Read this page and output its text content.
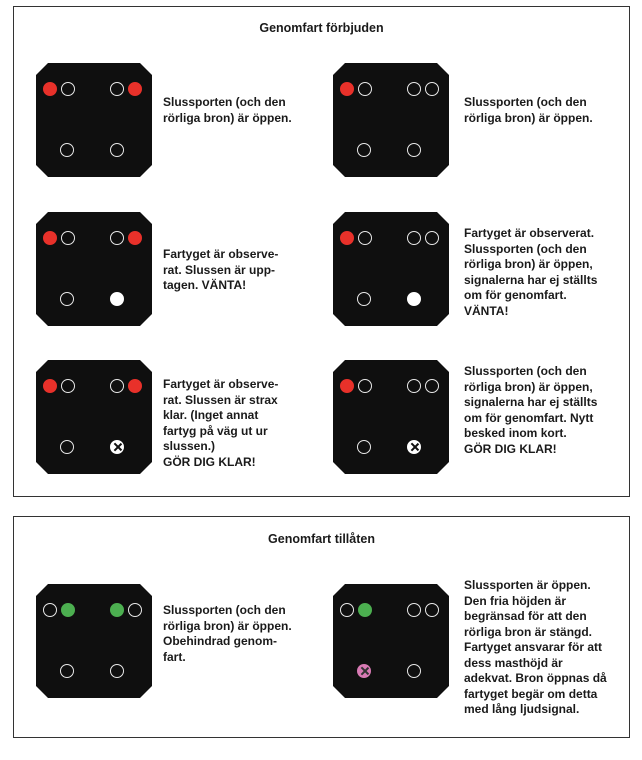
Genomfart förbjuden
Slussporten (och den
rörliga bron) är öppen.
Slussporten (och den
rörliga bron) är öppen.
Fartyget är observe-
rat. Slussen är upp-
tagen. VÄNTA!
Fartyget är observerat.
Slussporten (och den
rörliga bron) är öppen,
signalerna har ej ställts
om för genomfart.
VÄNTA!
Fartyget är observe-
rat. Slussen är strax
klar. (Inget annat
fartyg på väg ut ur
slussen.)
GÖR DIG KLAR!
Slussporten (och den
rörliga bron) är öppen,
signalerna har ej ställts
om för genomfart. Nytt
besked inom kort.
GÖR DIG KLAR!
Genomfart tillåten
Slussporten (och den
rörliga bron) är öppen.
Obehindrad genom-
fart.
Slussporten är öppen.
Den fria höjden är
begränsad för att den
rörliga bron är stängd.
Fartyget ansvarar för att
dess masthöjd är
adekvat. Bron öppnas då
fartyget begär om detta
med lång ljudsignal.
